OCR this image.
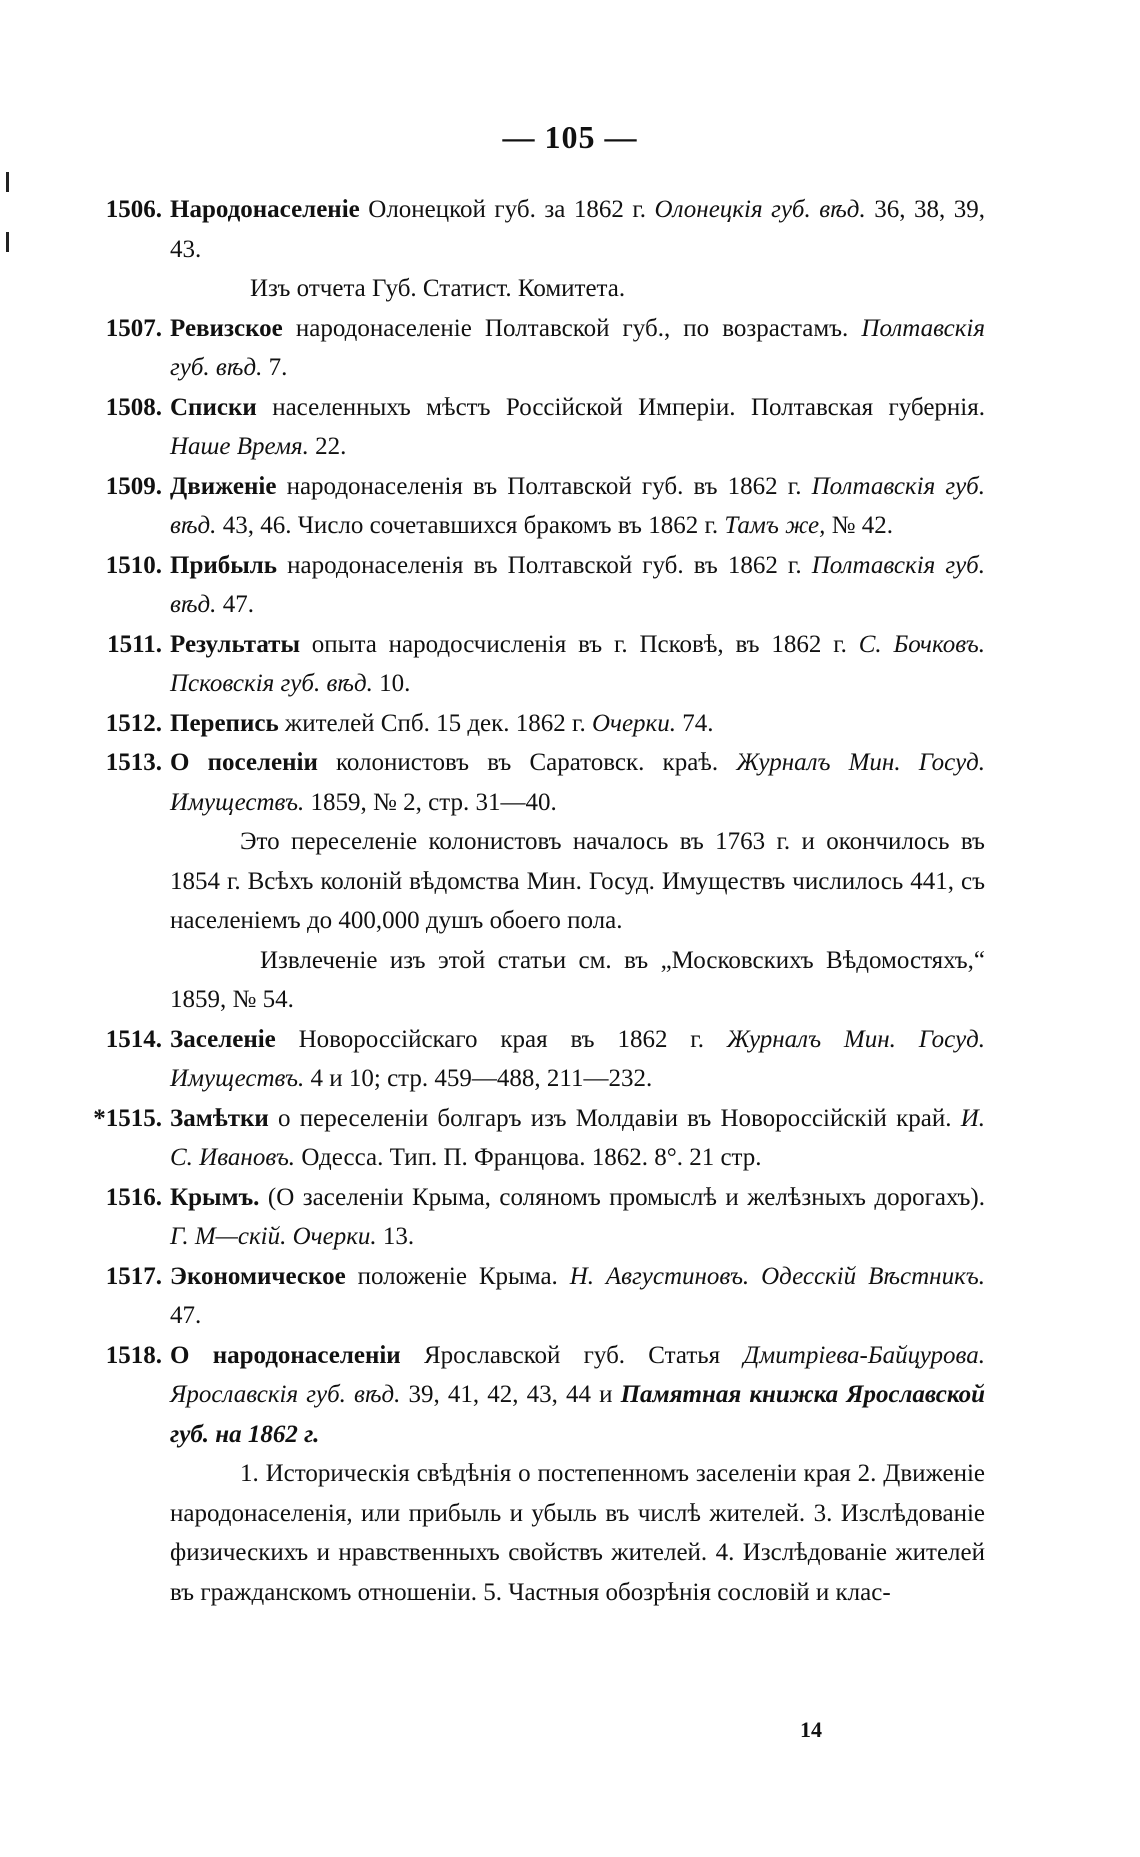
— 105 —
1506. Народонаселеніе Олонецкой губ. за 1862 г. Олонецкія губ. вѣд. 36, 38, 39, 43.
Изъ отчета Губ. Статист. Комитета.
1507. Ревизское народонаселеніе Полтавской губ., по возрастамъ. Полтавскія губ. вѣд. 7.
1508. Списки населенныхъ мѣстъ Россійской Имперіи. Полтавская губернія. Наше Время. 22.
1509. Движеніе народонаселенія въ Полтавской губ. въ 1862 г. Полтавскія губ. вѣд. 43, 46. Число сочетавшихся бракомъ въ 1862 г. Тамъ же, № 42.
1510. Прибыль народонаселенія въ Полтавской губ. въ 1862 г. Полтавскія губ. вѣд. 47.
1511. Результаты опыта народосчисленія въ г. Псковѣ, въ 1862 г. С. Бочковъ. Псковскія губ. вѣд. 10.
1512. Перепись жителей Спб. 15 дек. 1862 г. Очерки. 74.
1513. О поселеніи колонистовъ въ Саратовск. краѣ. Журналъ Мин. Госуд. Имуществъ. 1859, № 2, стр. 31—40.
Это переселеніе колонистовъ началось въ 1763 г. и окончилось въ 1854 г. Всѣхъ колоній вѣдомства Мин. Госуд. Имуществъ числилось 441, съ населеніемъ до 400,000 душъ обоего пола.
Извлеченіе изъ этой статьи см. въ „Московскихъ Вѣдомостяхъ,“ 1859, № 54.
1514. Заселеніе Новороссійскаго края въ 1862 г. Журналъ Мин. Госуд. Имуществъ. 4 и 10; стр. 459—488, 211—232.
*1515. Замѣтки о переселеніи болгаръ изъ Молдавіи въ Новороссійскій край. И. С. Ивановъ. Одесса. Тип. П. Францова. 1862. 8°. 21 стр.
1516. Крымъ. (О заселеніи Крыма, соляномъ промыслѣ и желѣзныхъ дорогахъ). Г. М—скій. Очерки. 13.
1517. Экономическое положеніе Крыма. Н. Августиновъ. Одесскій Вѣстникъ. 47.
1518. О народонаселеніи Ярославской губ. Статья Дмитріева-Байцурова. Ярославскія губ. вѣд. 39, 41, 42, 43, 44 и Памятная книжка Ярославской губ. на 1862 г.
1. Историческія свѣдѣнія о постепенномъ заселеніи края 2. Движеніе народонаселенія, или прибыль и убыль въ числѣ жителей. 3. Изслѣдованіе физическихъ и нравственныхъ свойствъ жителей. 4. Изслѣдованіе жителей въ гражданскомъ отношеніи. 5. Частныя обозрѣнія сословій и клас-
14
